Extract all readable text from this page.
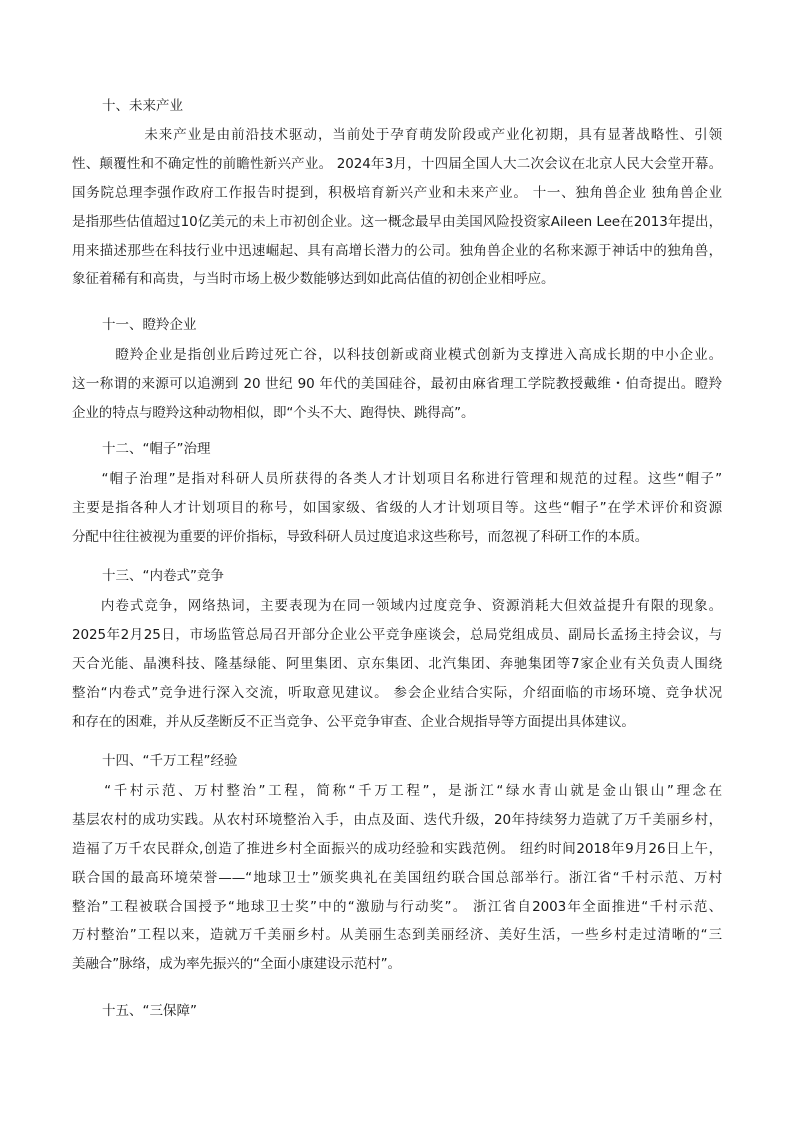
十、未来产业
　　　　　未来产业是由前沿技术驱动，当前处于孕育萌发阶段或产业化初期，具有显著战略性、引领
性、颠覆性和不确定性的前瞻性新兴产业。 2024年3月，十四届全国人大二次会议在北京人民大会堂开幕。
国务院总理李强作政府工作报告时提到，积极培育新兴产业和未来产业。 十一、独角兽企业 独角兽企业
是指那些估值超过10亿美元的未上市初创企业。这一概念最早由美国风险投资家Aileen Lee在2013年提出，
用来描述那些在科技行业中迅速崛起、具有高增长潜力的公司。独角兽企业的名称来源于神话中的独角兽，
象征着稀有和高贵，与当时市场上极少数能够达到如此高估值的初创企业相呼应。
十一、瞪羚企业
　　　瞪羚企业是指创业后跨过死亡谷，以科技创新或商业模式创新为支撑进入高成长期的中小企业。
这一称谓的来源可以追溯到 20 世纪 90 年代的美国硅谷，最初由麻省理工学院教授戴维・伯奇提出。瞪羚
企业的特点与瞪羚这种动物相似，即“个头不大、跑得快、跳得高”。
十二、“帽子”治理
　　“帽子治理”是指对科研人员所获得的各类人才计划项目名称进行管理和规范的过程。这些“帽子”
主要是指各种人才计划项目的称号，如国家级、省级的人才计划项目等。这些“帽子”在学术评价和资源
分配中往往被视为重要的评价指标，导致科研人员过度追求这些称号，而忽视了科研工作的本质。
十三、“内卷式”竞争
　　内卷式竞争，网络热词，主要表现为在同一领域内过度竞争、资源消耗大但效益提升有限的现象。
2025年2月25日，市场监管总局召开部分企业公平竞争座谈会，总局党组成员、副局长孟扬主持会议，与
天合光能、晶澳科技、隆基绿能、阿里集团、京东集团、北汽集团、奔驰集团等7家企业有关负责人围绕
整治“内卷式”竞争进行深入交流，听取意见建议。 参会企业结合实际，介绍面临的市场环境、竞争状况
和存在的困难，并从反垄断反不正当竞争、公平竞争审查、企业合规指导等方面提出具体建议。
十四、“千万工程”经验
　　“千村示范、万村整治”工程，简称“千万工程”，是浙江“绿水青山就是金山银山”理念在
基层农村的成功实践。从农村环境整治入手，由点及面、迭代升级，20年持续努力造就了万千美丽乡村，
造福了万千农民群众,创造了推进乡村全面振兴的成功经验和实践范例。 纽约时间2018年9月26日上午，
联合国的最高环境荣誉——“地球卫士”颁奖典礼在美国纽约联合国总部举行。浙江省“千村示范、万村
整治”工程被联合国授予“地球卫士奖”中的“激励与行动奖”。 浙江省自2003年全面推进“千村示范、
万村整治”工程以来，造就万千美丽乡村。从美丽生态到美丽经济、美好生活，一些乡村走过清晰的“三
美融合”脉络，成为率先振兴的“全面小康建设示范村”。
十五、“三保障”
